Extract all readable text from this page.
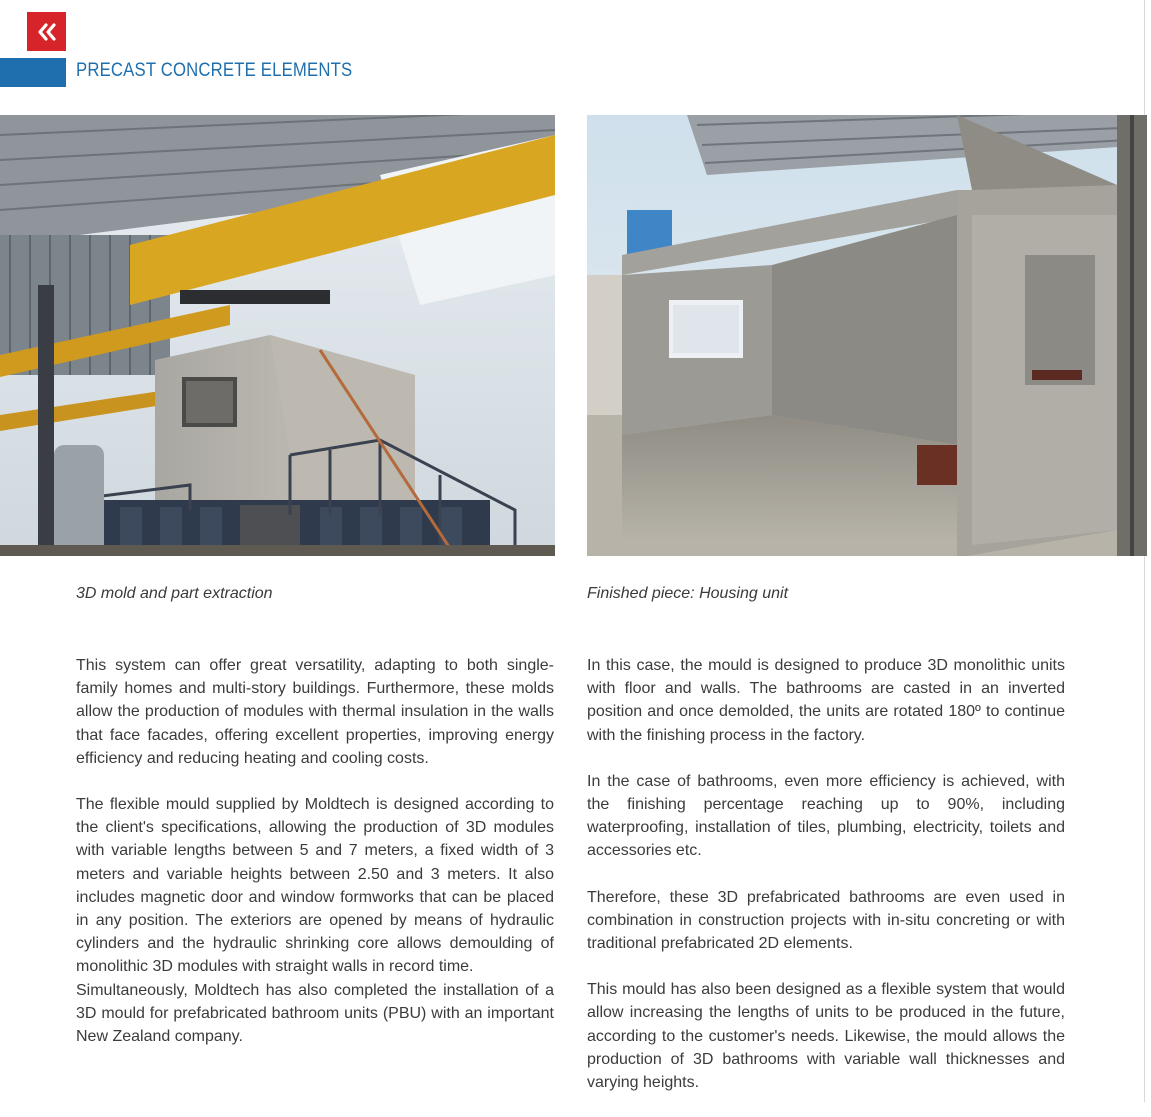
PRECAST CONCRETE ELEMENTS
3D mold and part extraction	Finished piece: Housing unit

This system can offer great versatility, adapting to both single-family homes and multi-story buildings. Furthermore, these molds allow the production of modules with thermal insulation in the walls that face facades, offering excellent properties, improving energy efficiency and reducing heating and cooling costs.

The flexible mould supplied by Moldtech is designed according to the client's specifications, allowing the production of 3D modules with variable lengths between 5 and 7 meters, a fixed width of 3 meters and variable heights between 2.50 and 3 meters. It also includes magnetic door and window formworks that can be placed in any position. The exteriors are opened by means of hydraulic cylinders and the hydraulic shrinking core allows demoulding of monolithic 3D modules with straight walls in record time.

Simultaneously, Moldtech has also completed the installation of a 3D mould for prefabricated bathroom units (PBU) with an important New Zealand company.

In this case, the mould is designed to produce 3D monolithic units with floor and walls. The bathrooms are casted in an inverted position and once demolded, the units are rotated 180º to continue with the finishing process in the factory.

In the case of bathrooms, even more efficiency is achieved, with the finishing percentage reaching up to 90%, including waterproofing, installation of tiles, plumbing, electricity, toilets and accessories etc.

Therefore, these 3D prefabricated bathrooms are even used in combination in construction projects with in-situ concreting or with traditional prefabricated 2D elements.

This mould has also been designed as a flexible system that would allow increasing the lengths of units to be produced in the future, according to the customer's needs. Likewise, the mould allows the production of 3D bathrooms with variable wall thicknesses and varying heights.
